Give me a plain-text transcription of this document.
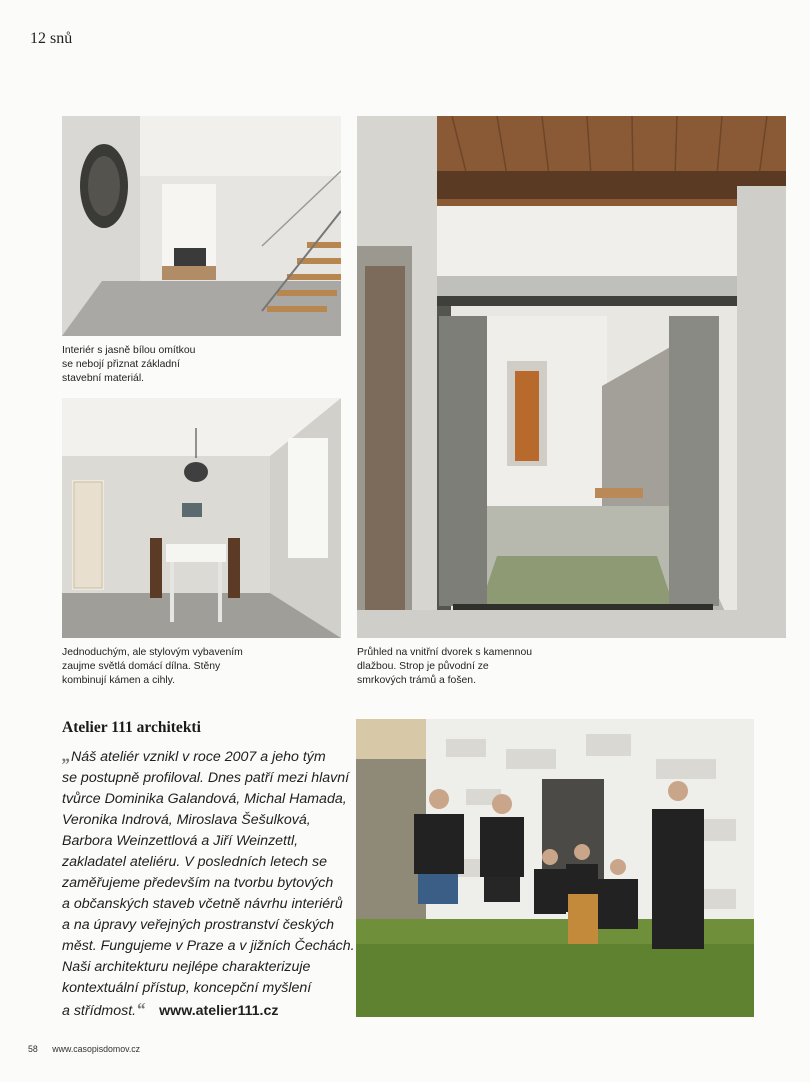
12 snů
Interiér s jasně bílou omítkou
se nebojí přiznat základní
stavební materiál.
Jednoduchým, ale stylovým vybavením
zaujme světlá domácí dílna. Stěny
kombinují kámen a cihly.
Průhled na vnitřní dvorek s kamennou
dlažbou. Strop je původní ze
smrkových trámů a fošen.
Atelier 111 architekti
„Náš ateliér vznikl v roce 2007 a jeho tým
se postupně profiloval. Dnes patří mezi hlavní
tvůrce Dominika Galandová, Michal Hamada,
Veronika Indrová, Miroslava Šešulková,
Barbora Weinzettlová a Jiří Weinzettl,
zakladatel ateliéru. V posledních letech se
zaměřujeme především na tvorbu bytových
a občanských staveb včetně návrhu interiérů
a na úpravy veřejných prostranství českých
měst. Fungujeme v Praze a v jižních Čechách.
Naši architekturu nejlépe charakterizuje
kontextuální přístup, koncepční myšlení
a střídmost.“ www.atelier111.cz
58 www.casopisdomov.cz
